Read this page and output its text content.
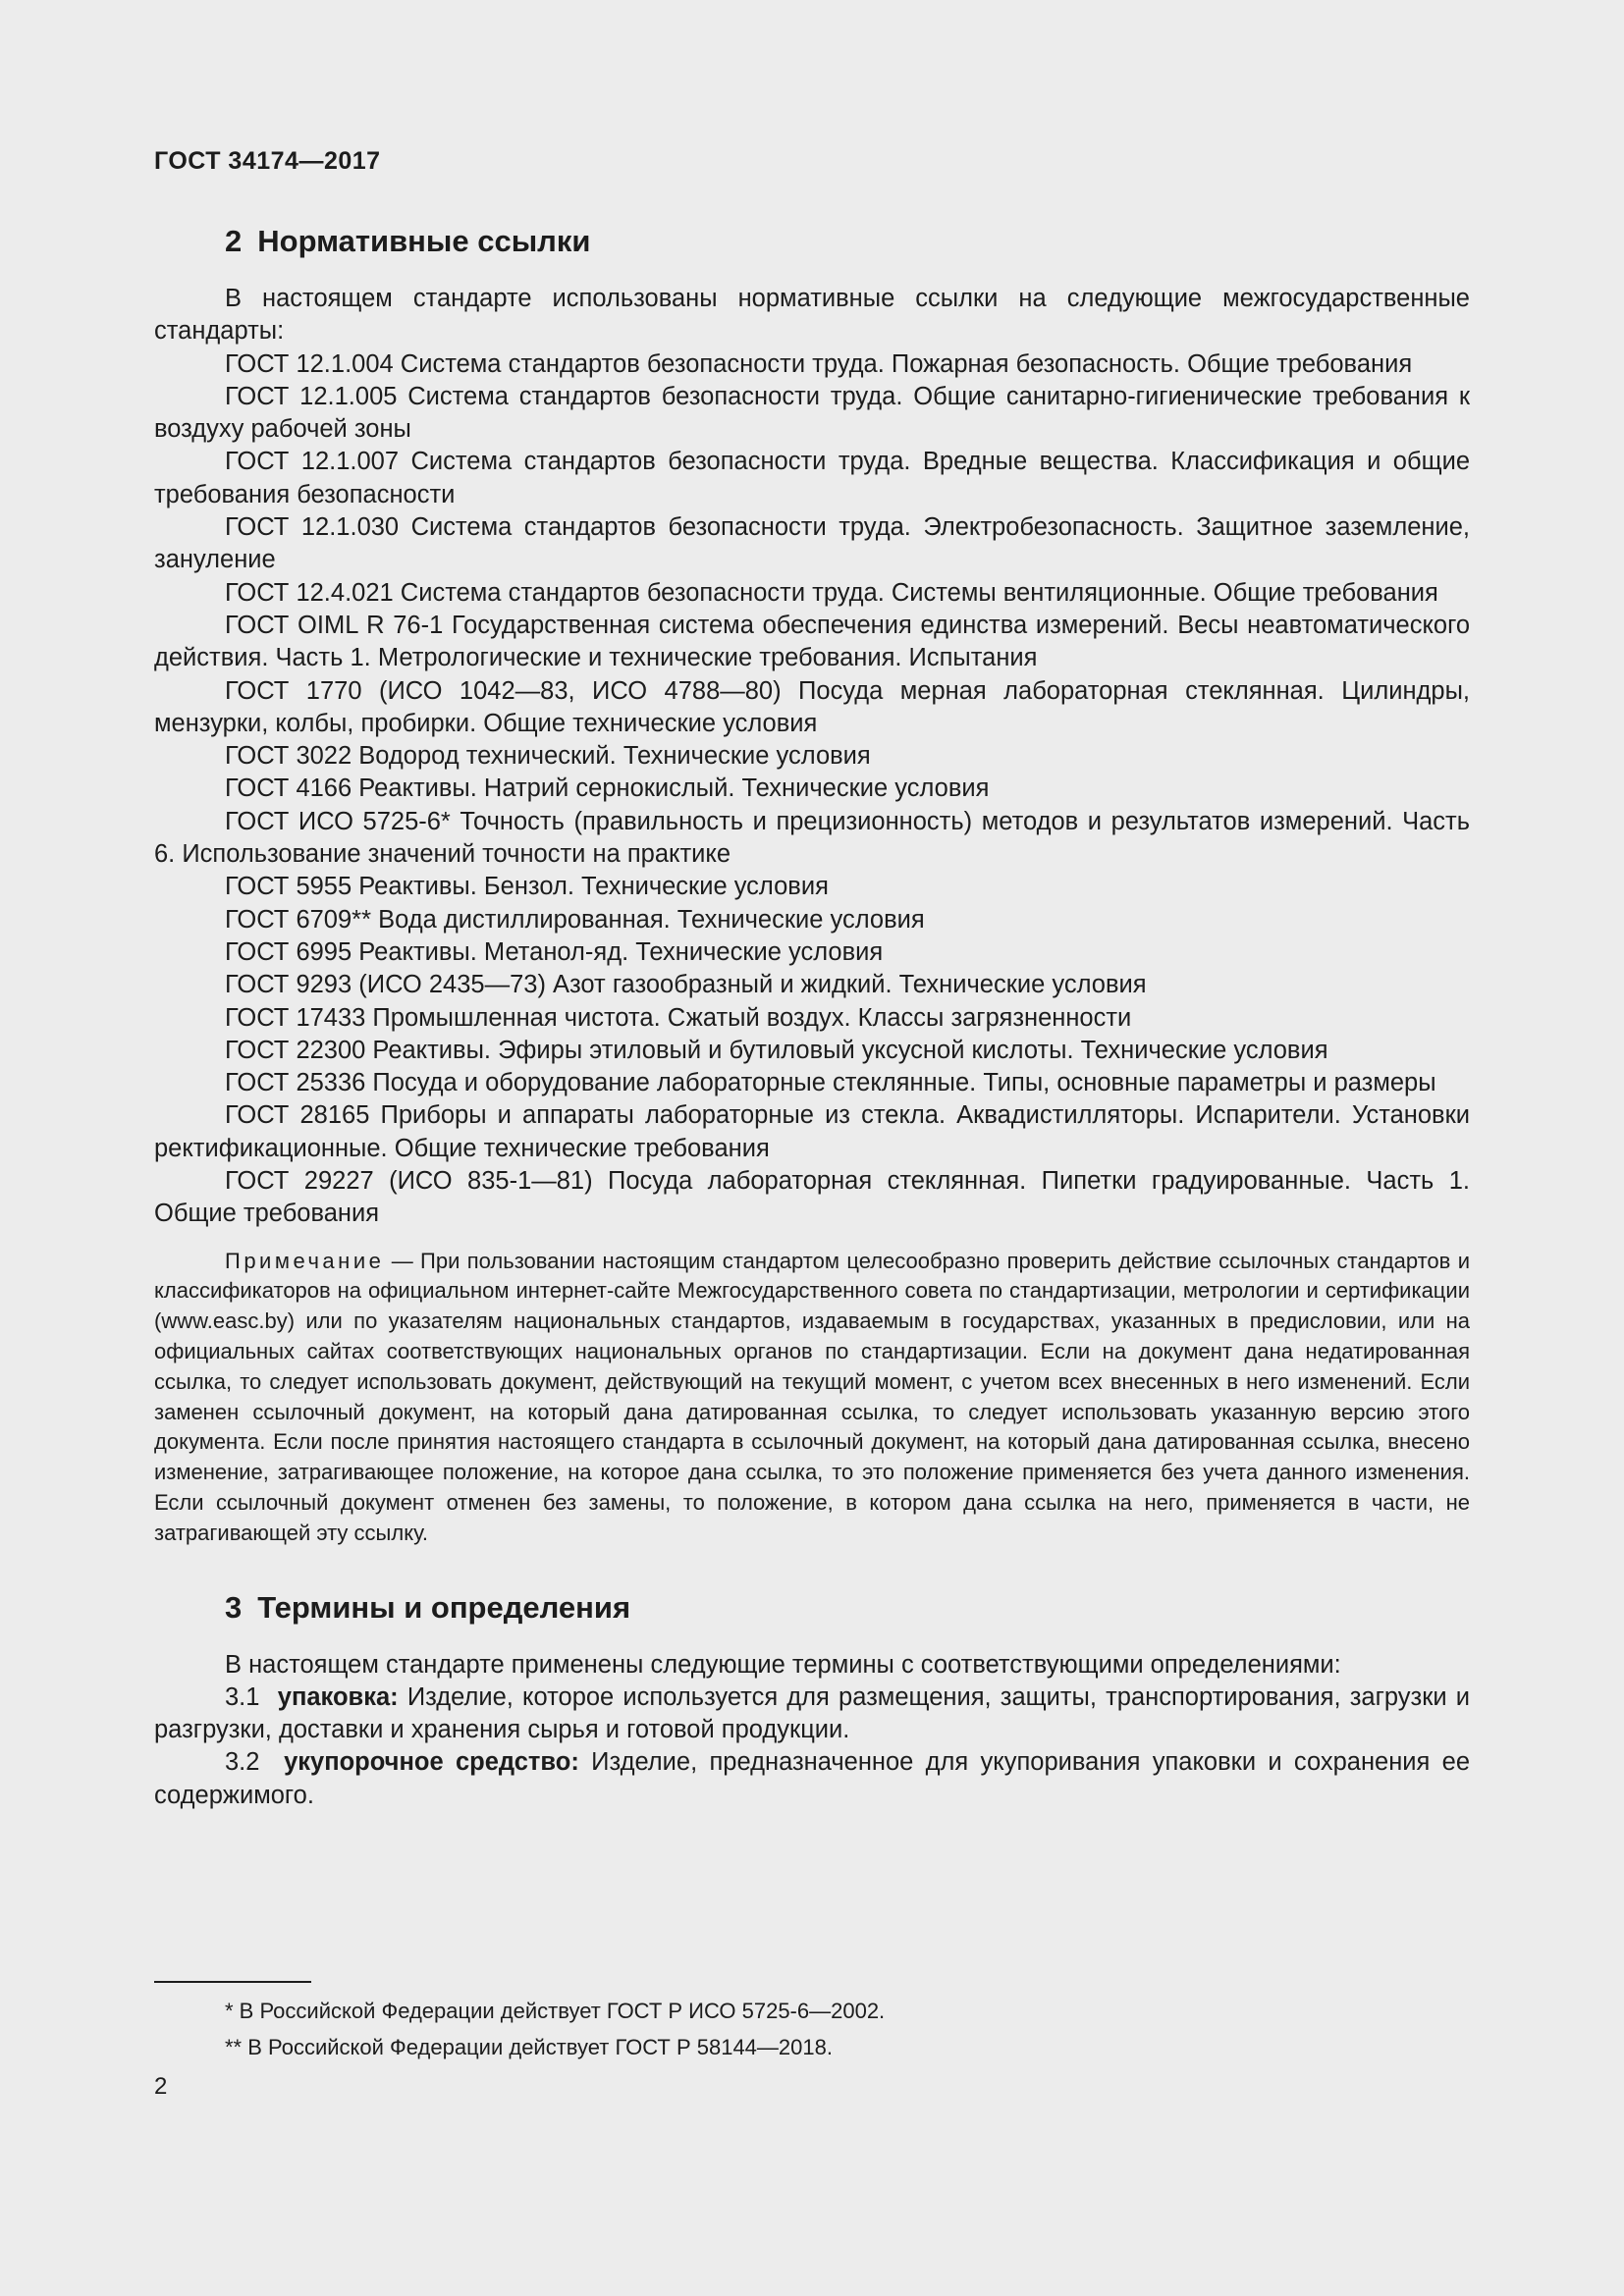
ГОСТ 34174—2017
2 Нормативные ссылки

В настоящем стандарте использованы нормативные ссылки на следующие межгосударственные стандарты:

ГОСТ 12.1.004 Система стандартов безопасности труда. Пожарная безопасность. Общие требования

ГОСТ 12.1.005 Система стандартов безопасности труда. Общие санитарно-гигиенические требования к воздуху рабочей зоны

ГОСТ 12.1.007 Система стандартов безопасности труда. Вредные вещества. Классификация и общие требования безопасности

ГОСТ 12.1.030 Система стандартов безопасности труда. Электробезопасность. Защитное заземление, зануление

ГОСТ 12.4.021 Система стандартов безопасности труда. Системы вентиляционные. Общие требования

ГОСТ OIML R 76-1 Государственная система обеспечения единства измерений. Весы неавтоматического действия. Часть 1. Метрологические и технические требования. Испытания

ГОСТ 1770 (ИСО 1042—83, ИСО 4788—80) Посуда мерная лабораторная стеклянная. Цилиндры, мензурки, колбы, пробирки. Общие технические условия

ГОСТ 3022 Водород технический. Технические условия

ГОСТ 4166 Реактивы. Натрий сернокислый. Технические условия

ГОСТ ИСО 5725-6* Точность (правильность и прецизионность) методов и результатов измерений. Часть 6. Использование значений точности на практике

ГОСТ 5955 Реактивы. Бензол. Технические условия

ГОСТ 6709** Вода дистиллированная. Технические условия

ГОСТ 6995 Реактивы. Метанол-яд. Технические условия

ГОСТ 9293 (ИСО 2435—73) Азот газообразный и жидкий. Технические условия

ГОСТ 17433 Промышленная чистота. Сжатый воздух. Классы загрязненности

ГОСТ 22300 Реактивы. Эфиры этиловый и бутиловый уксусной кислоты. Технические условия

ГОСТ 25336 Посуда и оборудование лабораторные стеклянные. Типы, основные параметры и размеры

ГОСТ 28165 Приборы и аппараты лабораторные из стекла. Аквадистилляторы. Испарители. Установки ректификационные. Общие технические требования

ГОСТ 29227 (ИСО 835-1—81) Посуда лабораторная стеклянная. Пипетки градуированные. Часть 1. Общие требования

Примечание — При пользовании настоящим стандартом целесообразно проверить действие ссылочных стандартов и классификаторов на официальном интернет-сайте Межгосударственного совета по стандартизации, метрологии и сертификации (www.easc.by) или по указателям национальных стандартов, издаваемым в государствах, указанных в предисловии, или на официальных сайтах соответствующих национальных органов по стандартизации. Если на документ дана недатированная ссылка, то следует использовать документ, действующий на текущий момент, с учетом всех внесенных в него изменений. Если заменен ссылочный документ, на который дана датированная ссылка, то следует использовать указанную версию этого документа. Если после принятия настоящего стандарта в ссылочный документ, на который дана датированная ссылка, внесено изменение, затрагивающее положение, на которое дана ссылка, то это положение применяется без учета данного изменения. Если ссылочный документ отменен без замены, то положение, в котором дана ссылка на него, применяется в части, не затрагивающей эту ссылку.

3 Термины и определения

В настоящем стандарте применены следующие термины с соответствующими определениями:

3.1 упаковка: Изделие, которое используется для размещения, защиты, транспортирования, загрузки и разгрузки, доставки и хранения сырья и готовой продукции.

3.2 укупорочное средство: Изделие, предназначенное для укупоривания упаковки и сохранения ее содержимого.

* В Российской Федерации действует ГОСТ Р ИСО 5725-6—2002.
** В Российской Федерации действует ГОСТ Р 58144—2018.
2
